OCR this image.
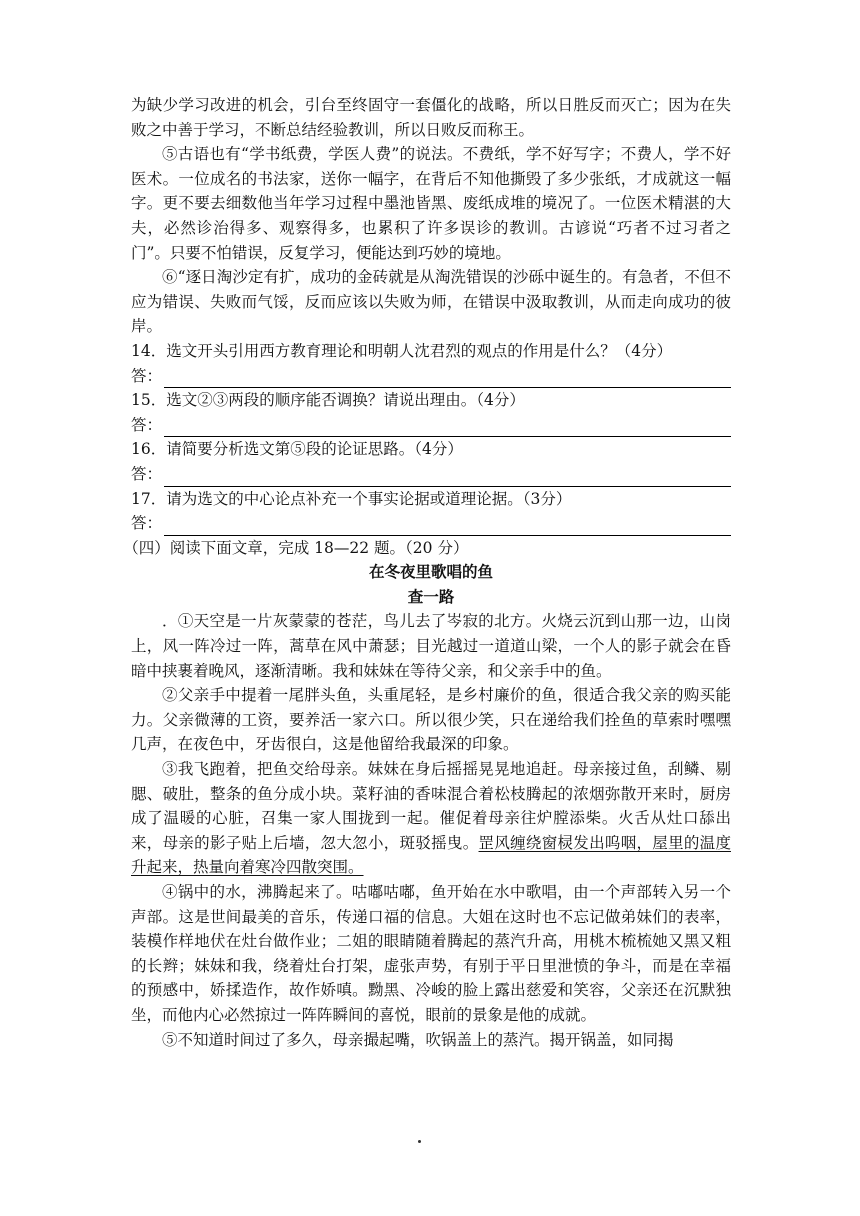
为缺少学习改进的机会，引台至终固守一套僵化的战略，所以日胜反而灭亡；因为在失败之中善于学习，不断总结经验教训，所以日败反而称王。

⑤古语也有“学书纸费，学医人费”的说法。不费纸，学不好写字；不费人，学不好医术。一位成名的书法家，送你一幅字，在背后不知他撕毁了多少张纸，才成就这一幅字。更不要去细数他当年学习过程中墨池皆黑、废纸成堆的境况了。一位医术精湛的大夫，必然诊治得多、观察得多，也累积了许多误诊的教训。古谚说“巧者不过习者之门”。只要不怕错误，反复学习，便能达到巧妙的境地。

⑥“逐日淘沙定有扩，成功的金砖就是从淘洗错误的沙砾中诞生的。有急者，不但不应为错误、失败而气馁，反而应该以失败为师，在错误中汲取教训，从而走向成功的彼岸。

14．选文开头引用西方教育理论和明朝人沈君烈的观点的作用是什么？（4分）

答：

15．选文②③两段的顺序能否调换？请说出理由。（4分）

答：

16．请简要分析选文第⑤段的论证思路。（4分）

答：

17．请为选文的中心论点补充一个事实论据或道理论据。（3分）

答：

（四）阅读下面文章，完成 18—22 题。（20 分）

在冬夜里歌唱的鱼

查一路

．①天空是一片灰蒙蒙的苍茫，鸟儿去了岑寂的北方。火烧云沉到山那一边，山岗上，风一阵冷过一阵，蒿草在风中萧瑟；目光越过一道道山梁，一个人的影子就会在昏暗中挟裹着晚风，逐渐清晰。我和妹妹在等待父亲，和父亲手中的鱼。

②父亲手中提着一尾胖头鱼，头重尾轻，是乡村廉价的鱼，很适合我父亲的购买能力。父亲微薄的工资，要养活一家六口。所以很少笑，只在递给我们拴鱼的草索时嘿嘿几声，在夜色中，牙齿很白，这是他留给我最深的印象。

③我飞跑着，把鱼交给母亲。妹妹在身后摇摇晃晃地追赶。母亲接过鱼，刮鳞、剔腮、破肚，整条的鱼分成小块。菜籽油的香味混合着松枝腾起的浓烟弥散开来时，厨房成了温暖的心脏，召集一家人围拢到一起。催促着母亲往炉膛添柴。火舌从灶口舔出来，母亲的影子贴上后墙，忽大忽小，斑驳摇曳。罡风缠绕窗棂发出呜咽，屋里的温度升起来，热量向着寒冷四散突围。

④锅中的水，沸腾起来了。咕嘟咕嘟，鱼开始在水中歌唱，由一个声部转入另一个声部。这是世间最美的音乐，传递口福的信息。大姐在这时也不忘记做弟妹们的表率，装模作样地伏在灶台做作业；二姐的眼睛随着腾起的蒸汽升高，用桃木梳梳她又黑又粗的长辫；妹妹和我，绕着灶台打架，虚张声势，有别于平日里泄愤的争斗，而是在幸福的预感中，娇揉造作，故作娇嗔。黝黑、冷峻的脸上露出慈爱和笑容，父亲还在沉默独坐，而他内心必然掠过一阵阵瞬间的喜悦，眼前的景象是他的成就。

⑤不知道时间过了多久，母亲撮起嘴，吹锅盖上的蒸汽。揭开锅盖，如同揭
